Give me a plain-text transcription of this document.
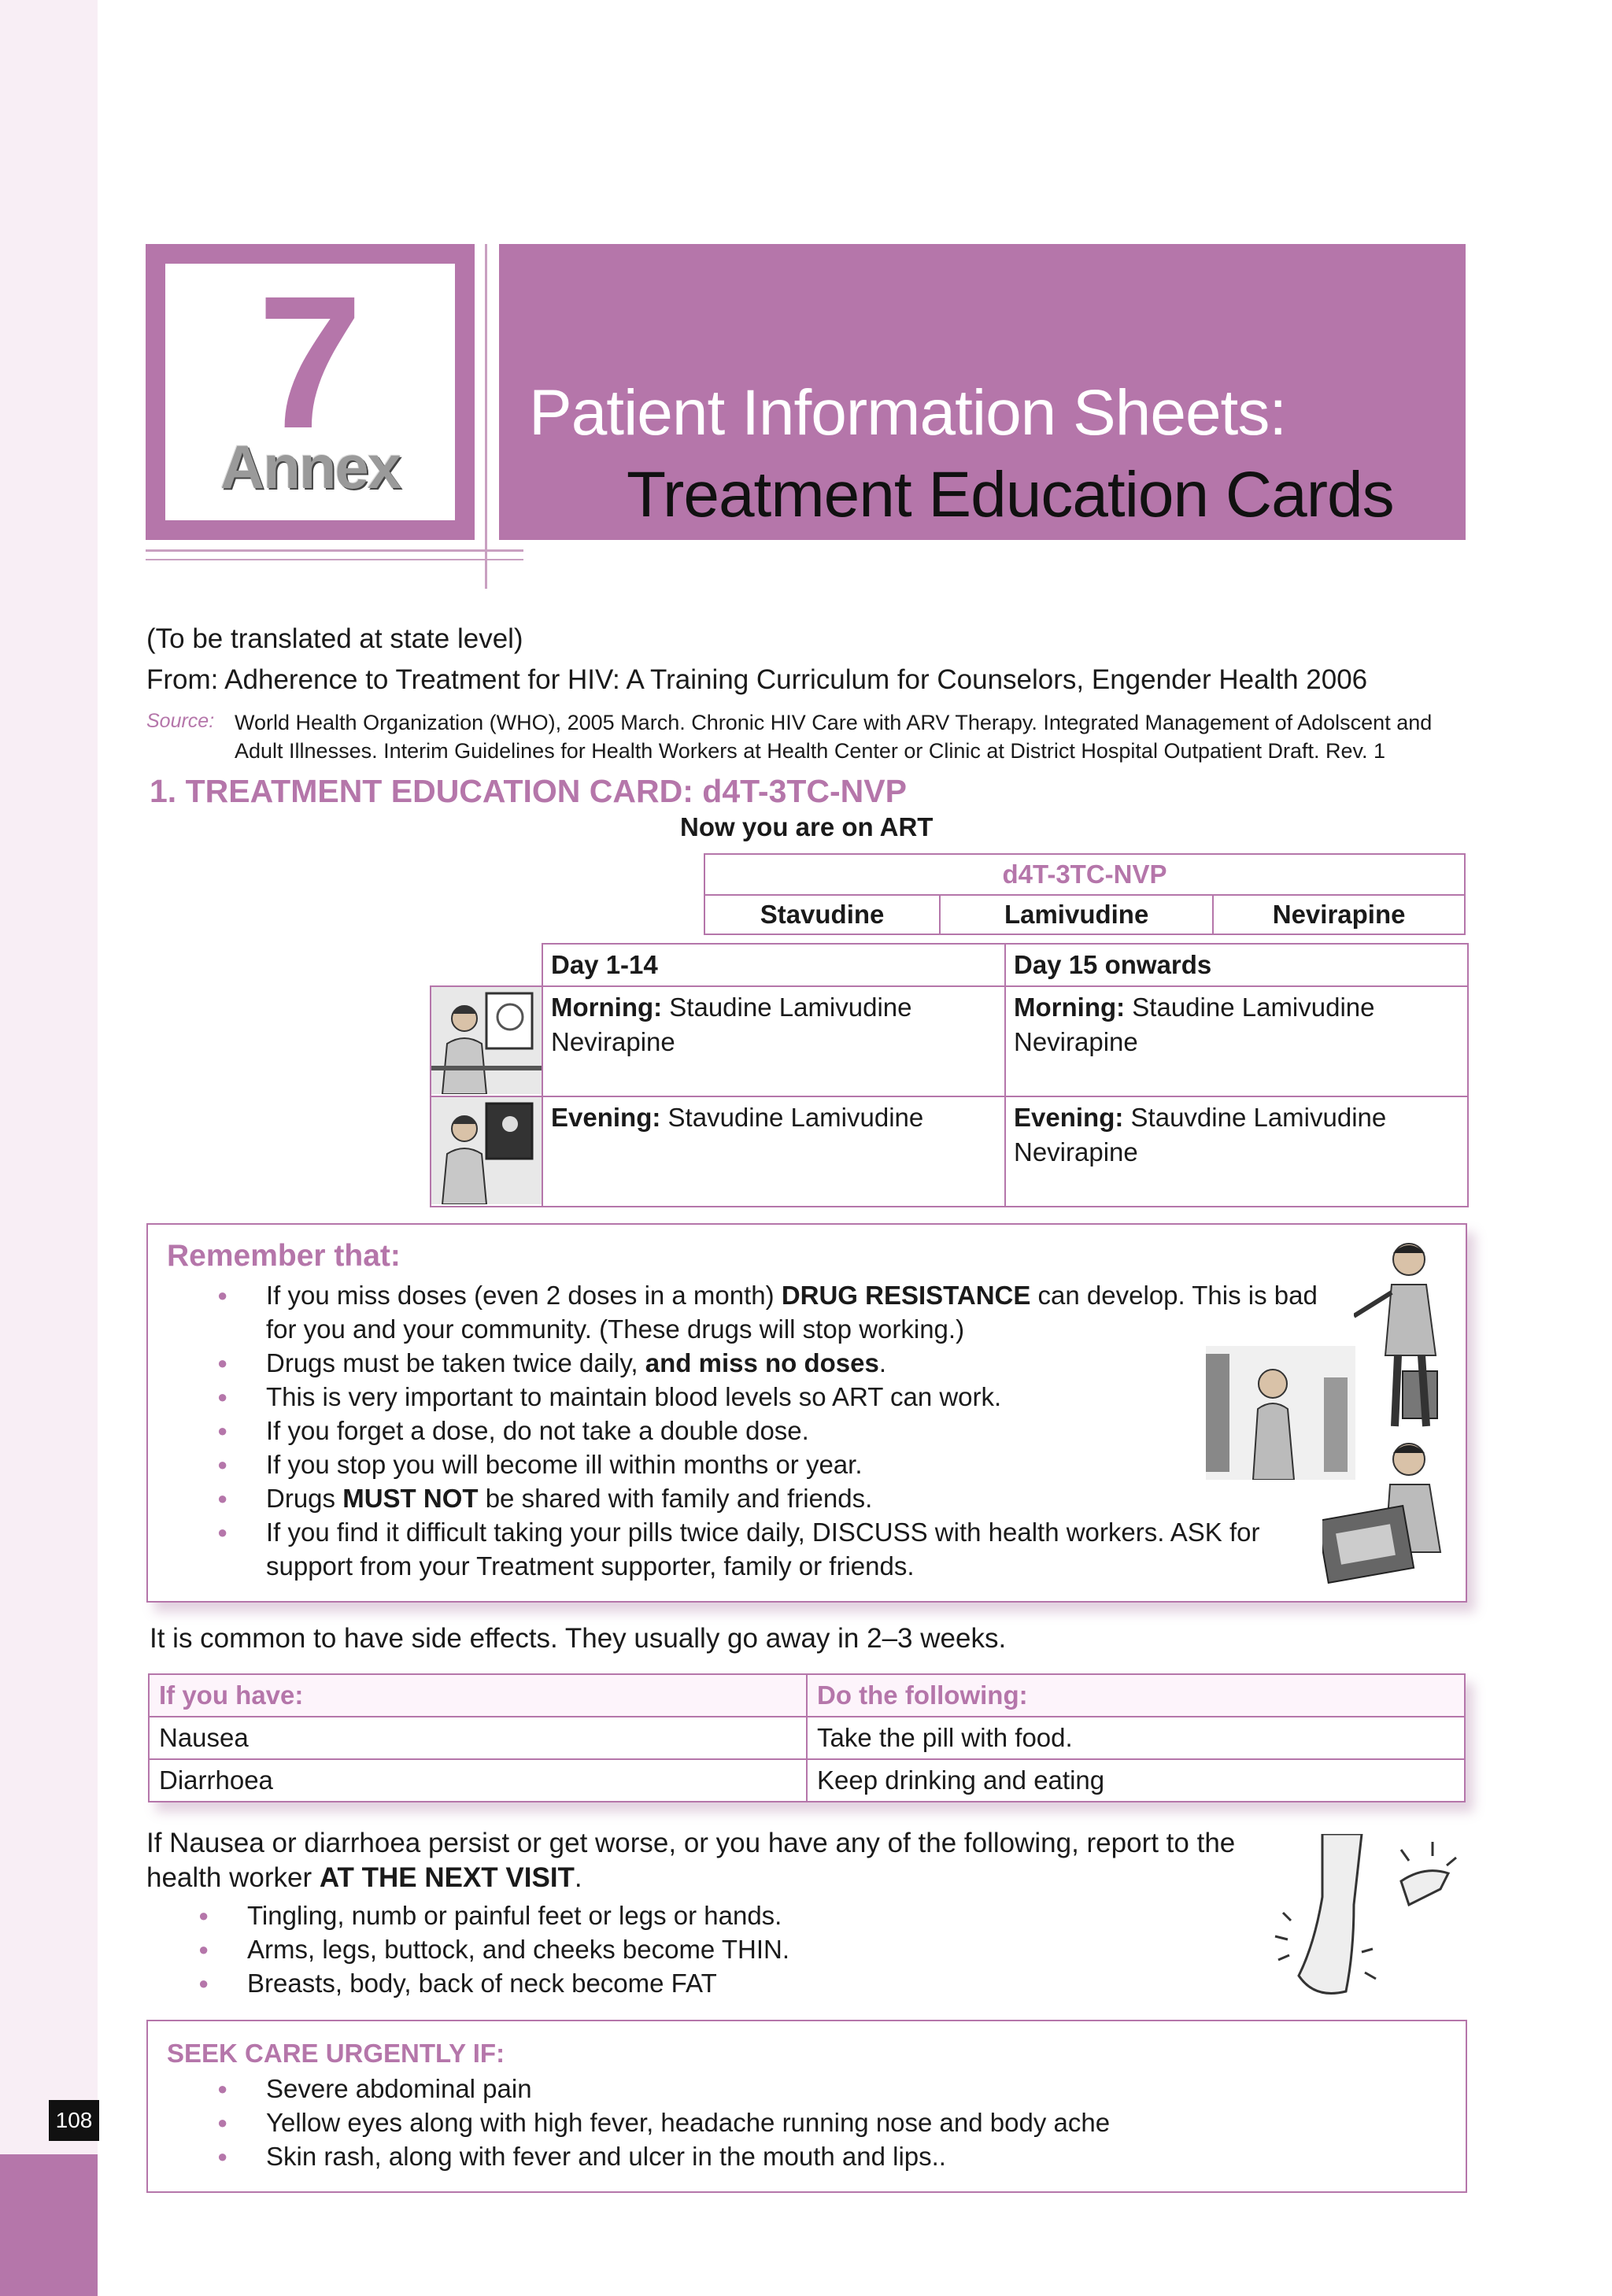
108
7
Annex
Patient Information Sheets:
Treatment Education Cards
(To be translated at state level)
From: Adherence to Treatment for HIV: A Training Curriculum for Counselors, Engender Health 2006
Source: World Health Organization (WHO), 2005 March. Chronic HIV Care with ARV Therapy. Integrated Management of Adolscent and Adult Illnesses. Interim Guidelines for Health Workers at Health Center or Clinic at District Hospital Outpatient Draft. Rev. 1
1. TREATMENT EDUCATION CARD: d4T-3TC-NVP
Now you are on ART
d4T-3TC-NVP
Stavudine	Lamivudine	Nevirapine
	Day 1-14	Day 15 onwards

	Morning: Staudine Lamivudine Nevirapine	Morning: Staudine Lamivudine Nevirapine

	Evening: Stavudine Lamivudine	Evening: Stauvdine Lamivudine Nevirapine
Remember that:
● If you miss doses (even 2 doses in a month) DRUG RESISTANCE can develop. This is bad
for you and your community. (These drugs will stop working.)
● Drugs must be taken twice daily, and miss no doses.
● This is very important to maintain blood levels so ART can work.
● If you forget a dose, do not take a double dose.
● If you stop you will become ill within months or year.
● Drugs MUST NOT be shared with family and friends.
● If you find it difficult taking your pills twice daily, DISCUSS with health workers. ASK for
support from your Treatment supporter, family or friends.
It is common to have side effects. They usually go away in 2–3 weeks.
If you have:	Do the following:
Nausea	Take the pill with food.
Diarrhoea	Keep drinking and eating
If Nausea or diarrhoea persist or get worse, or you have any of the following, report to the
health worker AT THE NEXT VISIT.
● Tingling, numb or painful feet or legs or hands.
● Arms, legs, buttock, and cheeks become THIN.
● Breasts, body, back of neck become FAT
SEEK CARE URGENTLY IF:
● Severe abdominal pain
● Yellow eyes along with high fever, headache running nose and body ache
● Skin rash, along with fever and ulcer in the mouth and lips..
